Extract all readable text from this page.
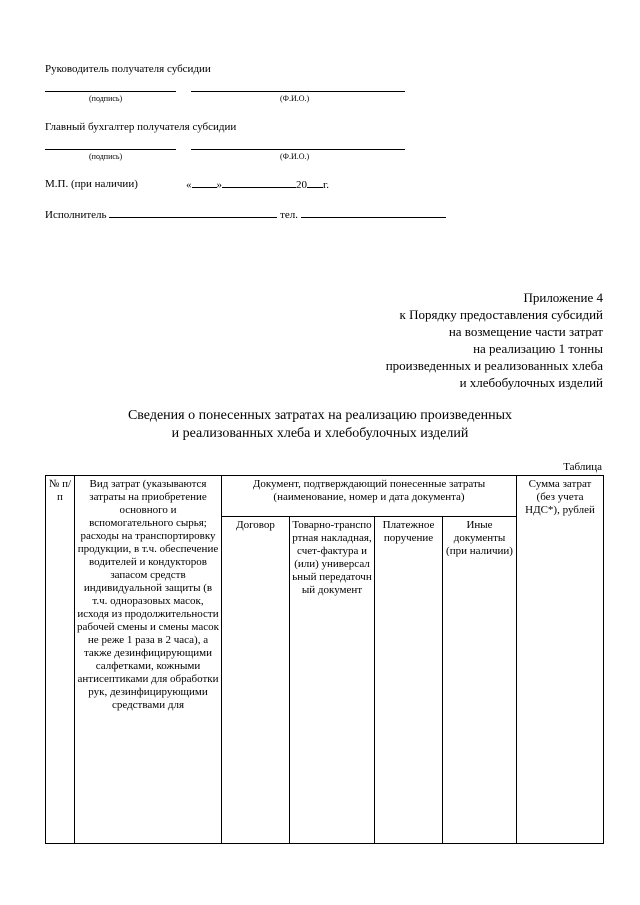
Руководитель получателя субсидии
(подпись)	(Ф.И.О.)
Главный бухгалтер получателя субсидии
(подпись)	(Ф.И.О.)
М.П. (при наличии)	« »	20 г.
Исполнитель	тел.
Приложение 4
к Порядку предоставления субсидий
на возмещение части затрат
на реализацию 1 тонны
произведенных и реализованных хлеба
и хлебобулочных изделий
Сведения о понесенных затратах на реализацию произведенных
и реализованных хлеба и хлебобулочных изделий
Таблица
№ п/п	Вид затрат (указываются затраты на приобретение основного и вспомогательного сырья; расходы на транспортировку продукции, в т.ч. обеспечение водителей и кондукторов запасом средств индивидуальной защиты (в т.ч. одноразовых масок, исходя из продолжительности рабочей смены и смены масок не реже 1 раза в 2 часа), а также дезинфицирующими салфетками, кожными антисептиками для обработки рук, дезинфицирующими средствами для	Документ, подтверждающий понесенные затраты (наименование, номер и дата документа)				Сумма затрат (без учета НДС*), рублей
		Договор	Товарно-транспортная накладная, счет-фактура и (или) универсальный передаточный документ	Платежное поручение	Иные документы (при наличии)	
